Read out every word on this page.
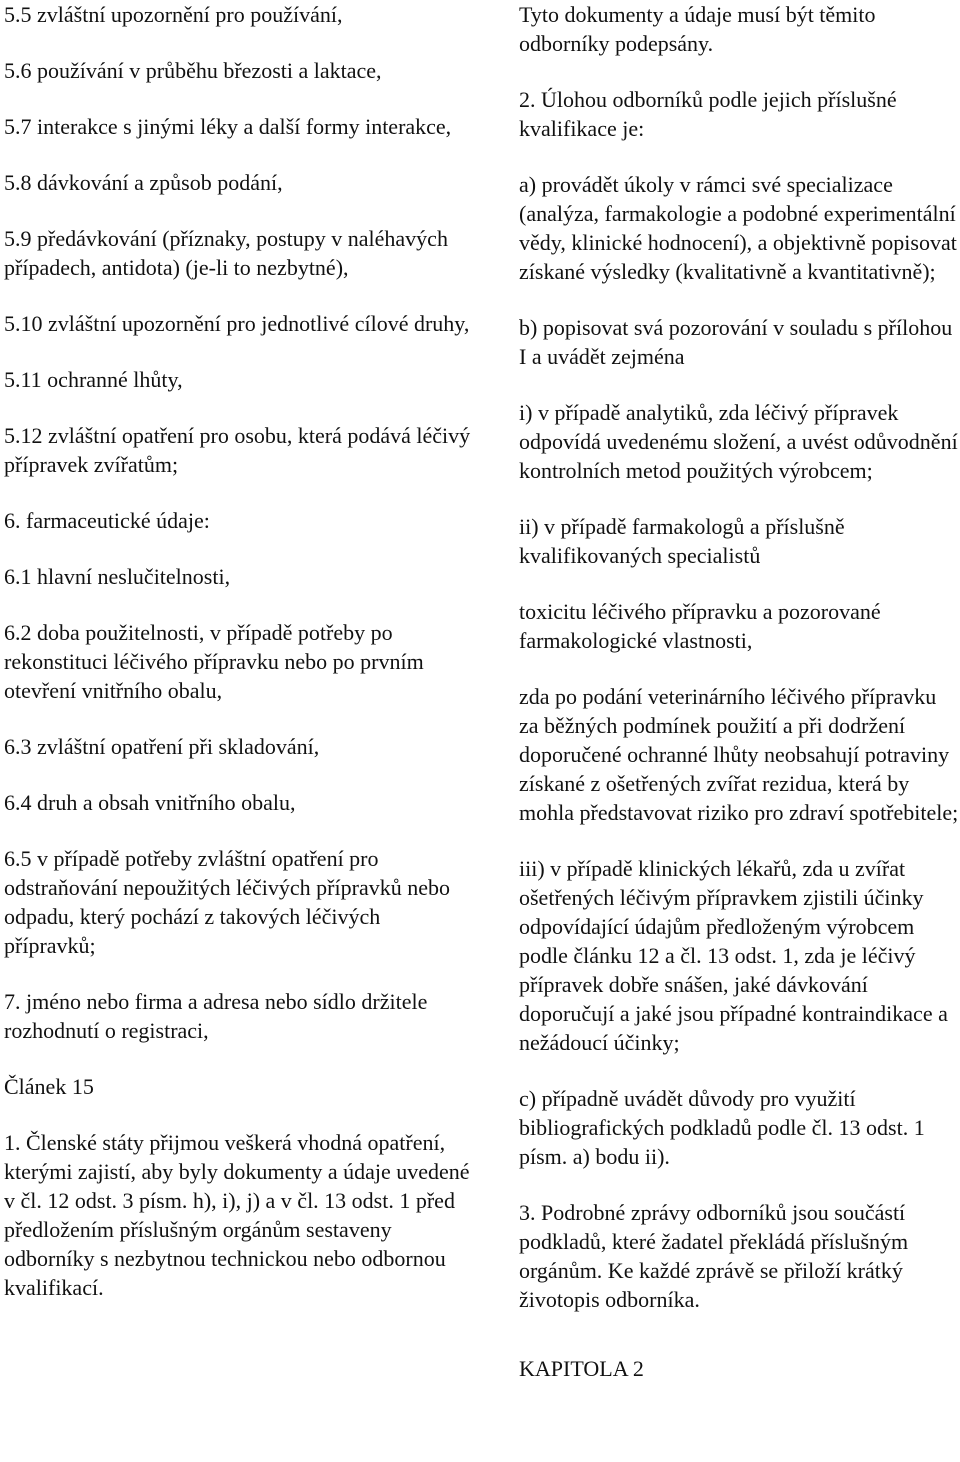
5.5 zvláštní upozornění pro používání,

5.6 používání v průběhu březosti a laktace,

5.7 interakce s jinými léky a další formy interakce,

5.8 dávkování a způsob podání,

5.9 předávkování (příznaky, postupy v naléhavých případech, antidota) (je-li to nezbytné),

5.10 zvláštní upozornění pro jednotlivé cílové druhy,

5.11 ochranné lhůty,

5.12 zvláštní opatření pro osobu, která podává léčivý přípravek zvířatům;

6. farmaceutické údaje:

6.1 hlavní neslučitelnosti,

6.2 doba použitelnosti, v případě potřeby po rekonstituci léčivého přípravku nebo po prvním otevření vnitřního obalu,

6.3 zvláštní opatření při skladování,

6.4 druh a obsah vnitřního obalu,

6.5 v případě potřeby zvláštní opatření pro odstraňování nepoužitých léčivých přípravků nebo odpadu, který pochází z takových léčivých přípravků;

7. jméno nebo firma a adresa nebo sídlo držitele rozhodnutí o registraci,

Článek 15

1. Členské státy přijmou veškerá vhodná opatření, kterými zajistí, aby byly dokumenty a údaje uvedené v čl. 12 odst. 3 písm. h), i), j) a v čl. 13 odst. 1 před předložením příslušným orgánům sestaveny odborníky s nezbytnou technickou nebo odbornou kvalifikací.

Tyto dokumenty a údaje musí být těmito odborníky podepsány.

2. Úlohou odborníků podle jejich příslušné kvalifikace je:

a) provádět úkoly v rámci své specializace (analýza, farmakologie a podobné experimentální vědy, klinické hodnocení), a objektivně popisovat získané výsledky (kvalitativně a kvantitativně);

b) popisovat svá pozorování v souladu s přílohou I a uvádět zejména

i) v případě analytiků, zda léčivý přípravek odpovídá uvedenému složení, a uvést odůvodnění kontrolních metod použitých výrobcem;

ii) v případě farmakologů a příslušně kvalifikovaných specialistů

toxicitu léčivého přípravku a pozorované farmakologické vlastnosti,

zda po podání veterinárního léčivého přípravku za běžných podmínek použití a při dodržení doporučené ochranné lhůty neobsahují potraviny získané z ošetřených zvířat rezidua, která by mohla představovat riziko pro zdraví spotřebitele;

iii) v případě klinických lékařů, zda u zvířat ošetřených léčivým přípravkem zjistili účinky odpovídající údajům předloženým výrobcem podle článku 12 a čl. 13 odst. 1, zda je léčivý přípravek dobře snášen, jaké dávkování doporučují a jaké jsou případné kontraindikace a nežádoucí účinky;

c) případně uvádět důvody pro využití bibliografických podkladů podle čl. 13 odst. 1 písm. a) bodu ii).

3. Podrobné zprávy odborníků jsou součástí podkladů, které žadatel překládá příslušným orgánům. Ke každé zprávě se přiloží krátký životopis odborníka.

KAPITOLA 2
